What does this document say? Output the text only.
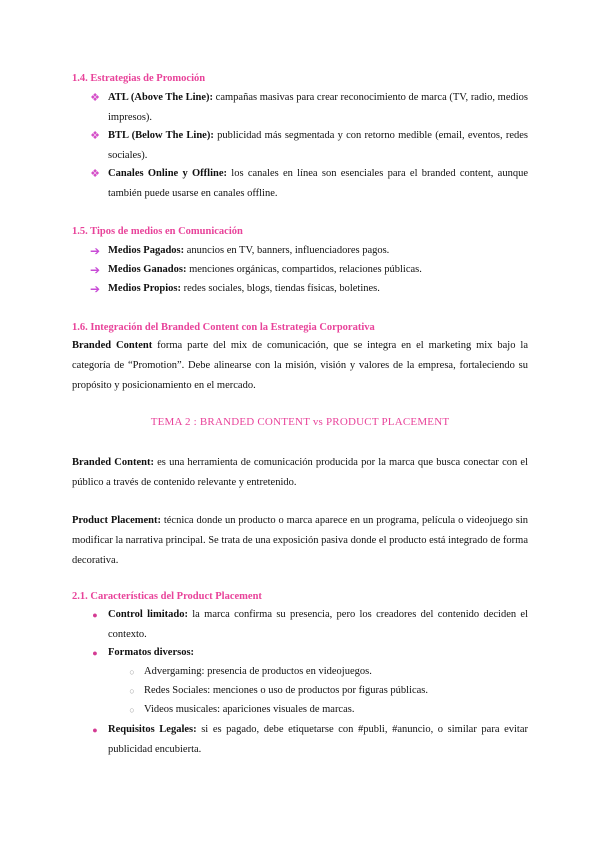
1.4. Estrategias de Promoción
❖ ATL (Above The Line): campañas masivas para crear reconocimiento de marca (TV, radio, medios impresos).
❖ BTL (Below The Line): publicidad más segmentada y con retorno medible (email, eventos, redes sociales).
❖ Canales Online y Offline: los canales en línea son esenciales para el branded content, aunque también puede usarse en canales offline.
1.5. Tipos de medios en Comunicación
➔ Medios Pagados: anuncios en TV, banners, influenciadores pagos.
➔ Medios Ganados: menciones orgánicas, compartidos, relaciones públicas.
➔ Medios Propios: redes sociales, blogs, tiendas físicas, boletines.
1.6. Integración del Branded Content con la Estrategia Corporativa
Branded Content forma parte del mix de comunicación, que se integra en el marketing mix bajo la categoría de “Promotion”. Debe alinearse con la misión, visión y valores de la empresa, fortaleciendo su propósito y posicionamiento en el mercado.
TEMA 2 : BRANDED CONTENT vs PRODUCT PLACEMENT
Branded Content: es una herramienta de comunicación producida por la marca que busca conectar con el público a través de contenido relevante y entretenido.
Product Placement: técnica donde un producto o marca aparece en un programa, película o videojuego sin modificar la narrativa principal. Se trata de una exposición pasiva donde el producto está integrado de forma decorativa.
2.1. Características del Product Placement
● Control limitado: la marca confirma su presencia, pero los creadores del contenido deciden el contexto.
● Formatos diversos:
○ Advergaming: presencia de productos en videojuegos.
○ Redes Sociales: menciones o uso de productos por figuras públicas.
○ Videos musicales: apariciones visuales de marcas.
● Requisitos Legales: si es pagado, debe etiquetarse con #publi, #anuncio, o similar para evitar publicidad encubierta.
